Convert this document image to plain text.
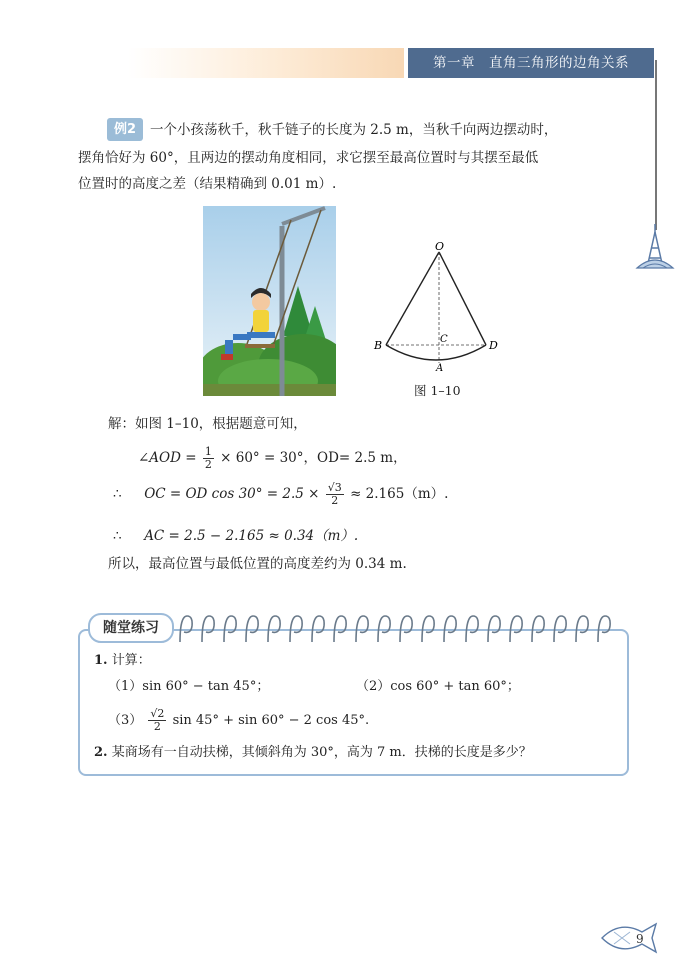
第一章 直角三角形的边角关系
例2	一个小孩荡秋千，秋千链子的长度为 2.5 m，当秋千向两边摆动时，
摆角恰好为 60°，且两边的摆动角度相同，求它摆至最高位置时与其摆至最低
位置时的高度之差（结果精确到 0.01 m）.
O
B	C	D
A
图 1–10
解：如图 1–10，根据题意可知，
∠AOD = $\frac{1}{2} \times 60^\circ = 30^\circ$，OD= 2.5 m，
∴ OC = OD $\cos 30^\circ = 2.5 \times \frac{√3}{2} \approx 2.165(m)$.
∴ AC = 2.5 − 2.165 ≈ 0.34（m）.
所以，最高位置与最低位置的高度差约为 0.34 m.
随堂练习
1. 计算：
（1）sin 60° − tan 45°；	（2）cos 60° + tan 60°；
$(3) \frac{√2}{2}$ sin 45° + sin 60° − 2 cos 45°.
2. 某商场有一自动扶梯，其倾斜角为 30°，高为 7 m．扶梯的长度是多少？
9
